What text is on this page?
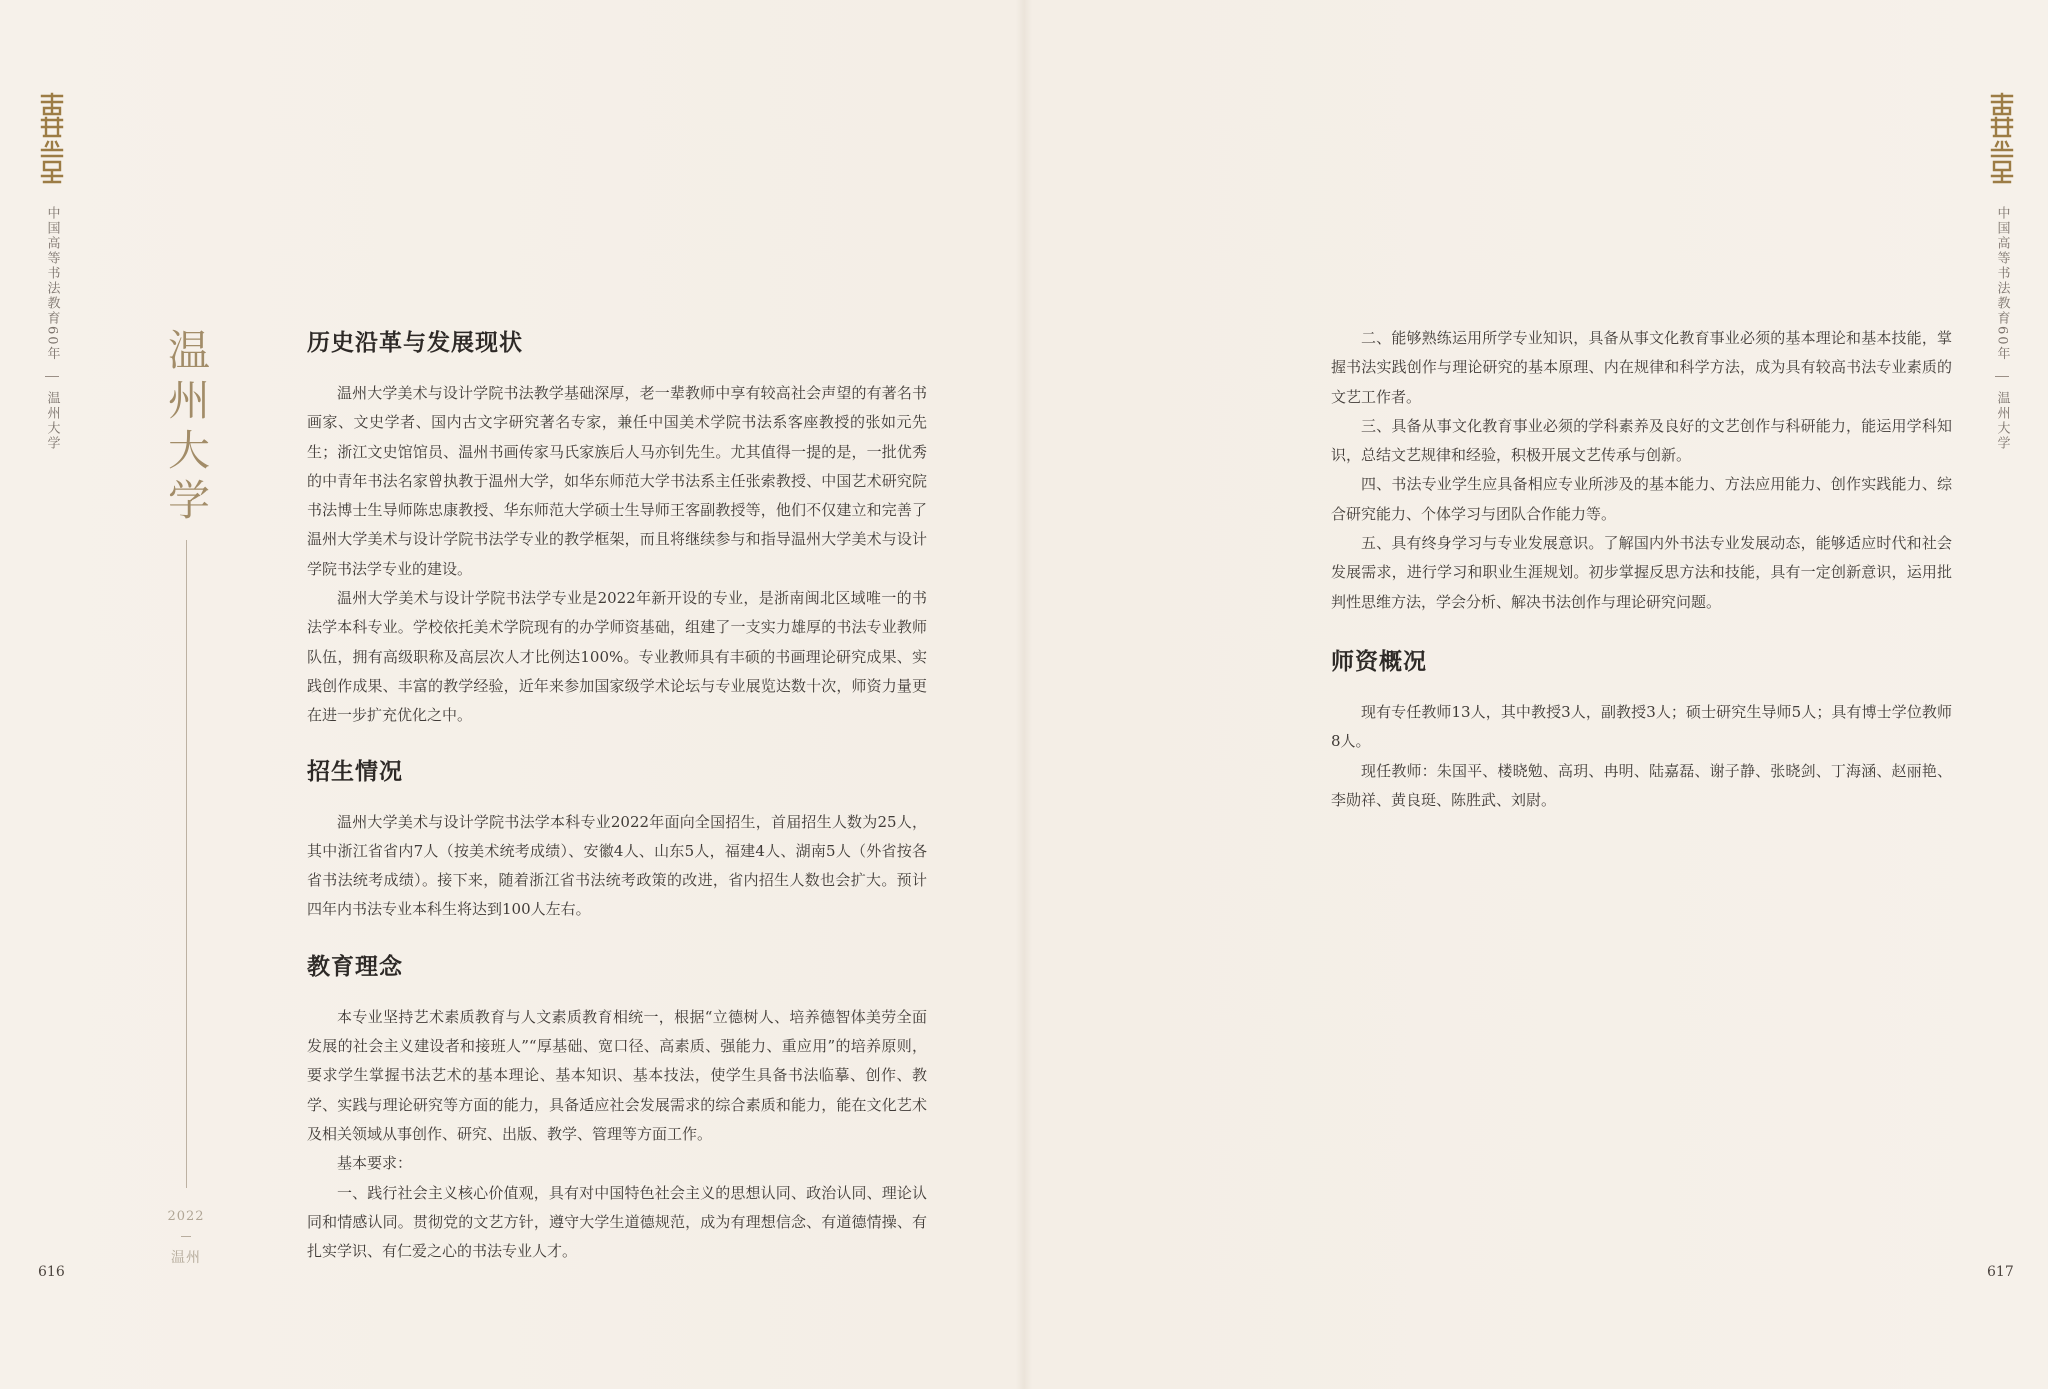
中国高等书法教育60年
温州大学
616
温州大学
2022
温州
历史沿革与发展现状

温州大学美术与设计学院书法教学基础深厚，老一辈教师中享有较高社会声望的有著名书画家、文史学者、国内古文字研究著名专家，兼任中国美术学院书法系客座教授的张如元先生；浙江文史馆馆员、温州书画传家马氏家族后人马亦钊先生。尤其值得一提的是，一批优秀的中青年书法名家曾执教于温州大学，如华东师范大学书法系主任张索教授、中国艺术研究院书法博士生导师陈忠康教授、华东师范大学硕士生导师王客副教授等，他们不仅建立和完善了温州大学美术与设计学院书法学专业的教学框架，而且将继续参与和指导温州大学美术与设计学院书法学专业的建设。

温州大学美术与设计学院书法学专业是2022年新开设的专业，是浙南闽北区域唯一的书法学本科专业。学校依托美术学院现有的办学师资基础，组建了一支实力雄厚的书法专业教师队伍，拥有高级职称及高层次人才比例达100%。专业教师具有丰硕的书画理论研究成果、实践创作成果、丰富的教学经验，近年来参加国家级学术论坛与专业展览达数十次，师资力量更在进一步扩充优化之中。

招生情况

温州大学美术与设计学院书法学本科专业2022年面向全国招生，首届招生人数为25人，其中浙江省省内7人（按美术统考成绩）、安徽4人、山东5人，福建4人、湖南5人（外省按各省书法统考成绩）。接下来，随着浙江省书法统考政策的改进，省内招生人数也会扩大。预计四年内书法专业本科生将达到100人左右。

教育理念

本专业坚持艺术素质教育与人文素质教育相统一，根据“立德树人、培养德智体美劳全面发展的社会主义建设者和接班人”“厚基础、宽口径、高素质、强能力、重应用”的培养原则，要求学生掌握书法艺术的基本理论、基本知识、基本技法，使学生具备书法临摹、创作、教学、实践与理论研究等方面的能力，具备适应社会发展需求的综合素质和能力，能在文化艺术及相关领域从事创作、研究、出版、教学、管理等方面工作。

基本要求：

一、践行社会主义核心价值观，具有对中国特色社会主义的思想认同、政治认同、理论认同和情感认同。贯彻党的文艺方针，遵守大学生道德规范，成为有理想信念、有道德情操、有扎实学识、有仁爱之心的书法专业人才。

二、能够熟练运用所学专业知识，具备从事文化教育事业必须的基本理论和基本技能，掌握书法实践创作与理论研究的基本原理、内在规律和科学方法，成为具有较高书法专业素质的文艺工作者。

三、具备从事文化教育事业必须的学科素养及良好的文艺创作与科研能力，能运用学科知识，总结文艺规律和经验，积极开展文艺传承与创新。

四、书法专业学生应具备相应专业所涉及的基本能力、方法应用能力、创作实践能力、综合研究能力、个体学习与团队合作能力等。

五、具有终身学习与专业发展意识。了解国内外书法专业发展动态，能够适应时代和社会发展需求，进行学习和职业生涯规划。初步掌握反思方法和技能，具有一定创新意识，运用批判性思维方法，学会分析、解决书法创作与理论研究问题。

师资概况

现有专任教师13人，其中教授3人，副教授3人；硕士研究生导师5人；具有博士学位教师8人。

现任教师：朱国平、楼晓勉、高玥、冉明、陆嘉磊、谢子静、张晓剑、丁海涵、赵丽艳、李勋祥、黄良珽、陈胜武、刘尉。

中国高等书法教育60年
温州大学
617
